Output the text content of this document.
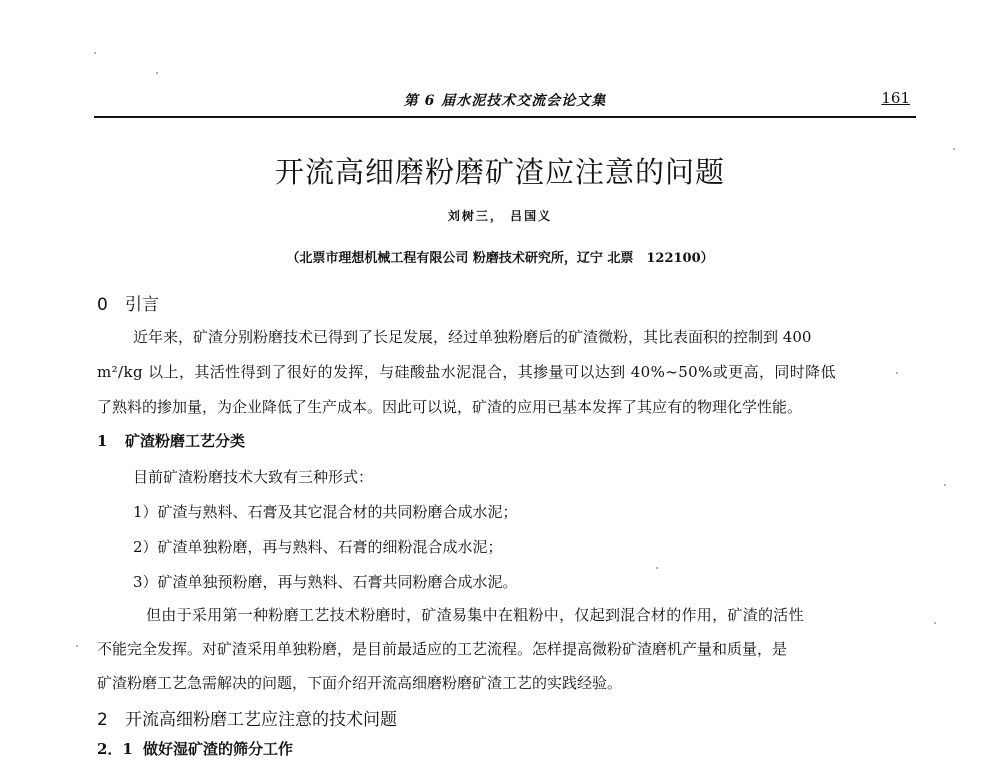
第 6 届水泥技术交流会论文集	161
开流高细磨粉磨矿渣应注意的问题
刘树三， 吕国义
（北票市理想机械工程有限公司 粉磨技术研究所，辽宁 北票　122100）
0 引言
近年来，矿渣分别粉磨技术已得到了长足发展，经过单独粉磨后的矿渣微粉，其比表面积的控制到 400
m²/kg 以上，其活性得到了很好的发挥，与硅酸盐水泥混合，其掺量可以达到 40%~50%或更高，同时降低
了熟料的掺加量，为企业降低了生产成本。因此可以说，矿渣的应用已基本发挥了其应有的物理化学性能。
1 矿渣粉磨工艺分类
目前矿渣粉磨技术大致有三种形式：
1）矿渣与熟料、石膏及其它混合材的共同粉磨合成水泥；
2）矿渣单独粉磨，再与熟料、石膏的细粉混合成水泥；
3）矿渣单独预粉磨，再与熟料、石膏共同粉磨合成水泥。
但由于采用第一种粉磨工艺技术粉磨时，矿渣易集中在粗粉中，仅起到混合材的作用，矿渣的活性
不能完全发挥。对矿渣采用单独粉磨，是目前最适应的工艺流程。怎样提高微粉矿渣磨机产量和质量，是
矿渣粉磨工艺急需解决的问题，下面介绍开流高细磨粉磨矿渣工艺的实践经验。
2 开流高细粉磨工艺应注意的技术问题
2．1 做好湿矿渣的筛分工作
